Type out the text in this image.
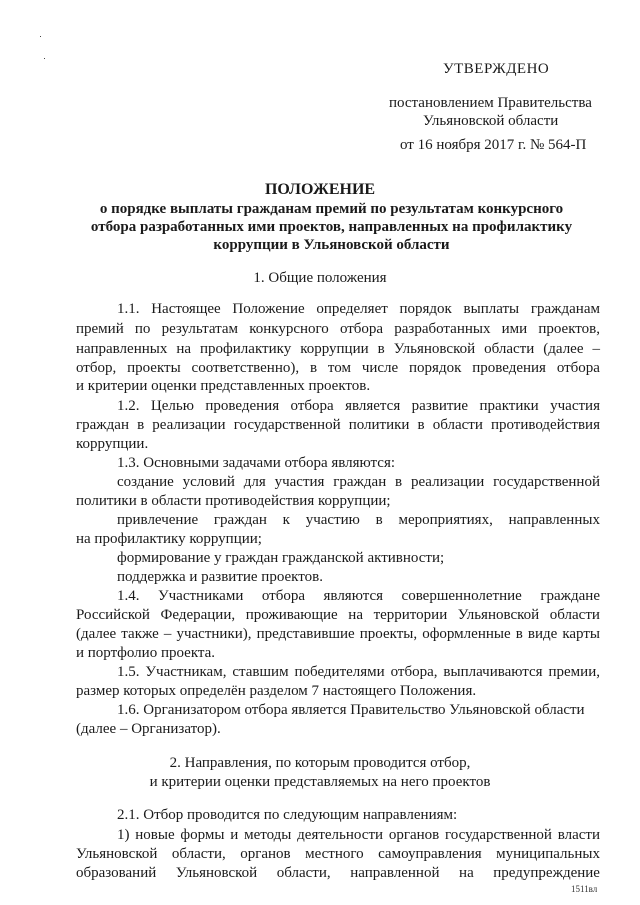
УТВЕРЖДЕНО
постановлением Правительства
Ульяновской области
от 16 ноября 2017 г. № 564-П
ПОЛОЖЕНИЕ
о порядке выплаты гражданам премий по результатам конкурсного
отбора разработанных ими проектов, направленных на профилактику
коррупции в Ульяновской области
1. Общие положения
1.1. Настоящее Положение определяет порядок выплаты гражданам
премий по результатам конкурсного отбора разработанных ими проектов,
направленных на профилактику коррупции в Ульяновской области (далее –
отбор, проекты соответственно), в том числе порядок проведения отбора
и критерии оценки представленных проектов.
1.2. Целью проведения отбора является развитие практики участия
граждан в реализации государственной политики в области противодействия
коррупции.
1.3. Основными задачами отбора являются:
создание условий для участия граждан в реализации государственной
политики в области противодействия коррупции;
привлечение граждан к участию в мероприятиях, направленных
на профилактику коррупции;
формирование у граждан гражданской активности;
поддержка и развитие проектов.
1.4. Участниками отбора являются совершеннолетние граждане
Российской Федерации, проживающие на территории Ульяновской области
(далее также – участники), представившие проекты, оформленные в виде карты
и портфолио проекта.
1.5. Участникам, ставшим победителями отбора, выплачиваются премии,
размер которых определён разделом 7 настоящего Положения.
1.6. Организатором отбора является Правительство Ульяновской области
(далее – Организатор).
2. Направления, по которым проводится отбор,
и критерии оценки представляемых на него проектов
2.1. Отбор проводится по следующим направлениям:
1) новые формы и методы деятельности органов государственной власти
Ульяновской области, органов местного самоуправления муниципальных
образований Ульяновской области, направленной на предупреждение
1511вл
